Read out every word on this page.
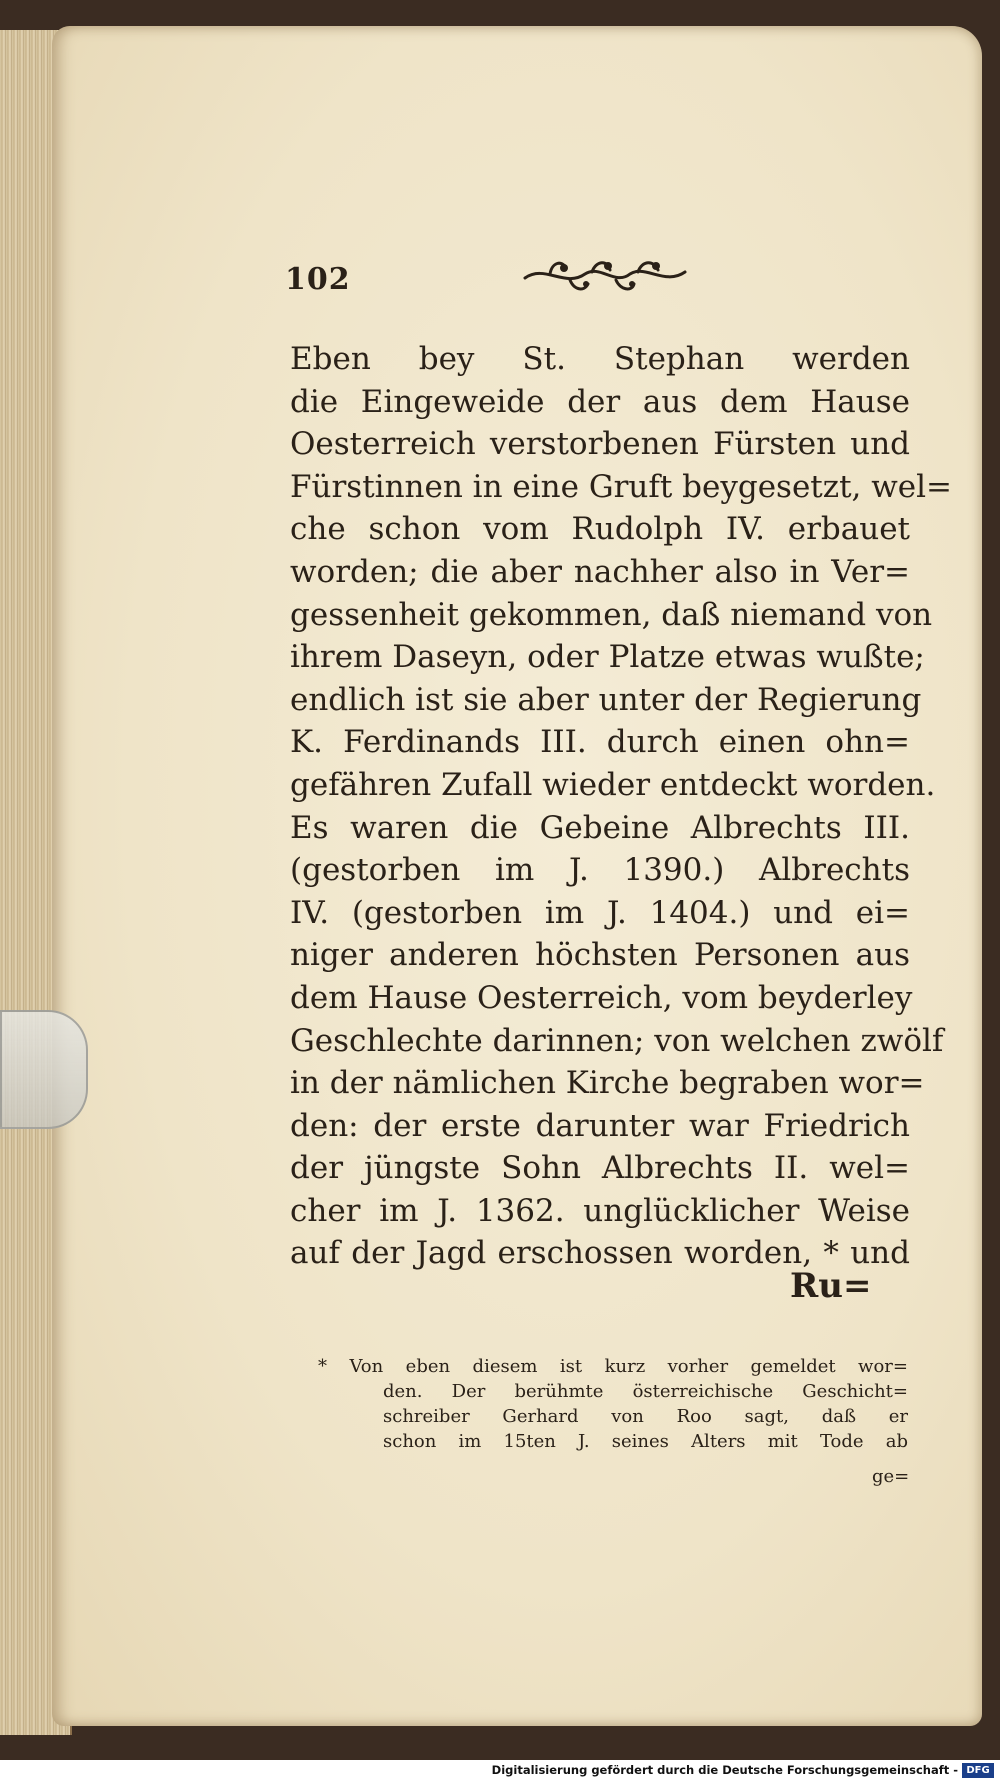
102
Eben bey St. Stephan werden
die Eingeweide der aus dem Hause
Oesterreich verstorbenen Fürsten und
Fürstinnen in eine Gruft beygesetzt, wel=
che schon vom Rudolph IV. erbauet
worden; die aber nachher also in Ver=
gessenheit gekommen, daß niemand von
ihrem Daseyn, oder Platze etwas wußte;
endlich ist sie aber unter der Regierung
K. Ferdinands III. durch einen ohn=
gefähren Zufall wieder entdeckt worden.
Es waren die Gebeine Albrechts III.
(gestorben im J. 1390.) Albrechts
IV. (gestorben im J. 1404.) und ei=
niger anderen höchsten Personen aus
dem Hause Oesterreich, vom beyderley
Geschlechte darinnen; von welchen zwölf
in der nämlichen Kirche begraben wor=
den: der erste darunter war Friedrich
der jüngste Sohn Albrechts II. wel=
cher im J. 1362. unglücklicher Weise
auf der Jagd erschossen worden, * und
Ru=
* Von eben diesem ist kurz vorher gemeldet wor=
den. Der berühmte österreichische Geschicht=
schreiber Gerhard von Roo sagt, daß er
schon im 15ten J. seines Alters mit Tode ab
ge=
Digitalisierung gefördert durch die Deutsche Forschungsgemeinschaft - DFG
